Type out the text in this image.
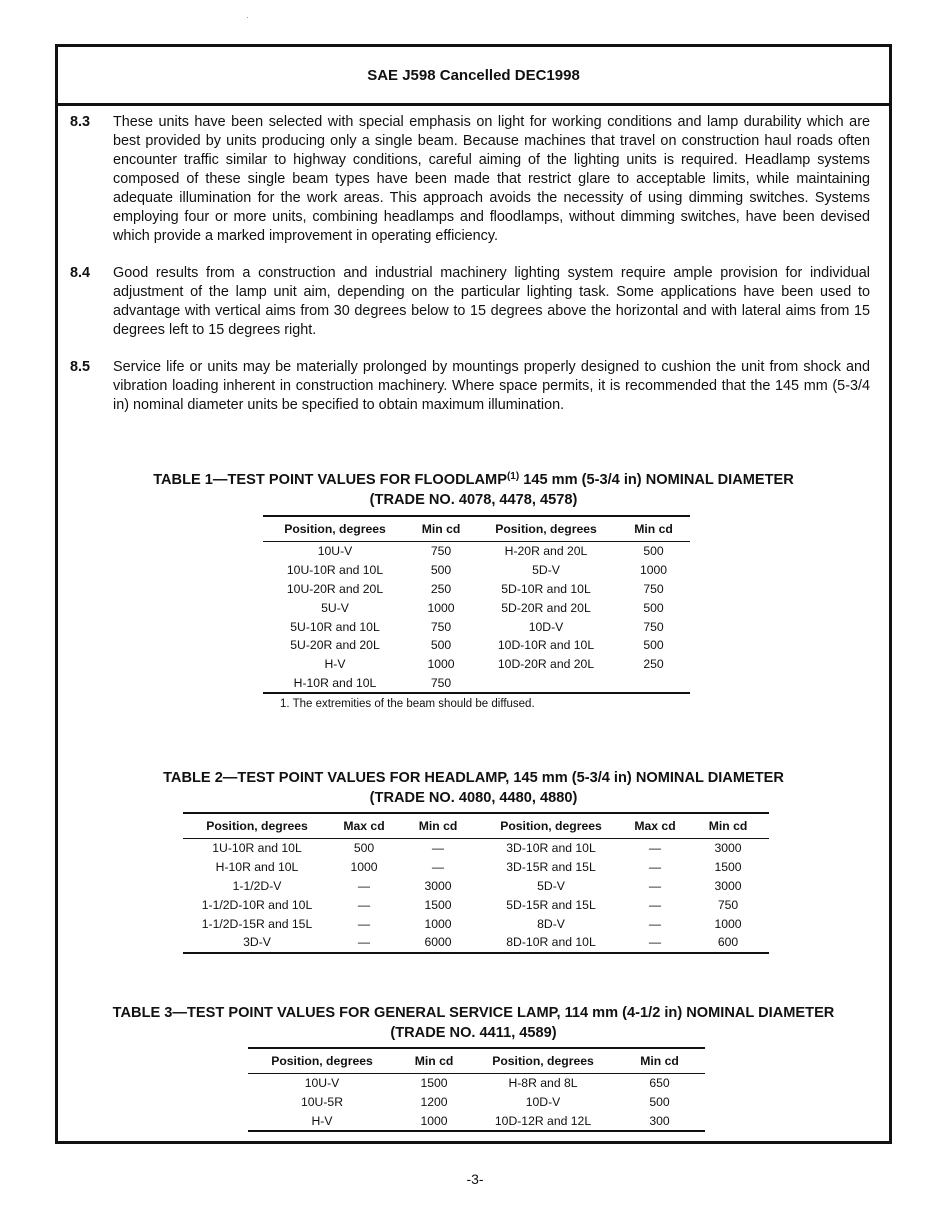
SAE J598 Cancelled DEC1998
8.3	These units have been selected with special emphasis on light for working conditions and lamp durability which are best provided by units producing only a single beam. Because machines that travel on construction haul roads often encounter traffic similar to highway conditions, careful aiming of the lighting units is required. Headlamp systems composed of these single beam types have been made that restrict glare to acceptable limits, while maintaining adequate illumination for the work areas. This approach avoids the necessity of using dimming switches. Systems employing four or more units, combining headlamps and floodlamps, without dimming switches, have been devised which provide a marked improvement in operating efficiency.
8.4	Good results from a construction and industrial machinery lighting system require ample provision for individual adjustment of the lamp unit aim, depending on the particular lighting task. Some applications have been used to advantage with vertical aims from 30 degrees below to 15 degrees above the horizontal and with lateral aims from 15 degrees left to 15 degrees right.
8.5	Service life or units may be materially prolonged by mountings properly designed to cushion the unit from shock and vibration loading inherent in construction machinery. Where space permits, it is recommended that the 145 mm (5-3/4 in) nominal diameter units be specified to obtain maximum illumination.
TABLE 1—TEST POINT VALUES FOR FLOODLAMP$^{(1)}$ 145 mm (5-3/4 in) NOMINAL DIAMETER
(TRADE NO. 4078, 4478, 4578)
Position, degrees	Min cd	Position, degrees	Min cd
10U-V	750	H-20R and 20L	500
10U-10R and 10L	500	5D-V	1000
10U-20R and 20L	250	5D-10R and 10L	750
5U-V	1000	5D-20R and 20L	500
5U-10R and 10L	750	10D-V	750
5U-20R and 20L	500	10D-10R and 10L	500
H-V	1000	10D-20R and 20L	250
H-10R and 10L	750		
1. The extremities of the beam should be diffused.
TABLE 2—TEST POINT VALUES FOR HEADLAMP, 145 mm (5-3/4 in) NOMINAL DIAMETER
(TRADE NO. 4080, 4480, 4880)
Position, degrees	Max cd	Min cd	Position, degrees	Max cd	Min cd
1U-10R and 10L	500	—	3D-10R and 10L	—	3000
H-10R and 10L	1000	—	3D-15R and 15L	—	1500
1-1/2D-V	—	3000	5D-V	—	3000
1-1/2D-10R and 10L	—	1500	5D-15R and 15L	—	750
1-1/2D-15R and 15L	—	1000	8D-V	—	1000
3D-V	—	6000	8D-10R and 10L	—	600
TABLE 3—TEST POINT VALUES FOR GENERAL SERVICE LAMP, 114 mm (4-1/2 in) NOMINAL DIAMETER
(TRADE NO. 4411, 4589)
Position, degrees	Min cd	Position, degrees	Min cd
10U-V	1500	H-8R and 8L	650
10U-5R	1200	10D-V	500
H-V	1000	10D-12R and 12L	300
-3-
